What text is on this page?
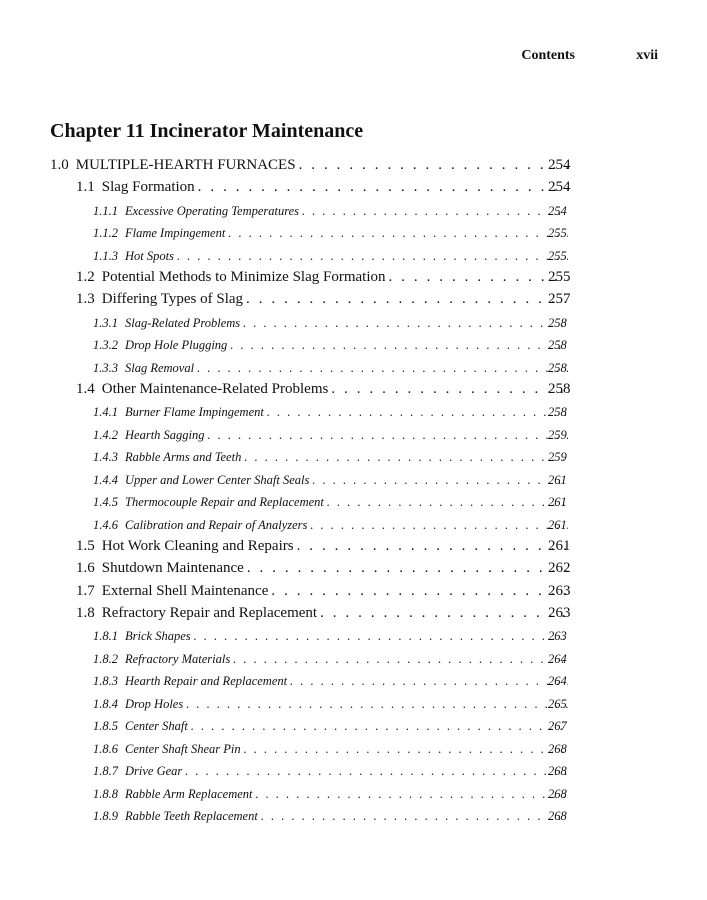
Contents	xvii
Chapter 11 Incinerator Maintenance
1.0 MULTIPLE-HEARTH FURNACES . . .	254
1.1 Slag Formation . . .	254
1.1.1 Excessive Operating Temperatures . . .	254
1.1.2 Flame Impingement . . .	255
1.1.3 Hot Spots . . .	255
1.2 Potential Methods to Minimize Slag Formation . . .	255
1.3 Differing Types of Slag . . .	257
1.3.1 Slag-Related Problems . . .	258
1.3.2 Drop Hole Plugging . . .	258
1.3.3 Slag Removal . . .	258
1.4 Other Maintenance-Related Problems . . .	258
1.4.1 Burner Flame Impingement . . .	258
1.4.2 Hearth Sagging . . .	259
1.4.3 Rabble Arms and Teeth . . .	259
1.4.4 Upper and Lower Center Shaft Seals . . .	261
1.4.5 Thermocouple Repair and Replacement . . .	261
1.4.6 Calibration and Repair of Analyzers . . .	261
1.5 Hot Work Cleaning and Repairs . . .	261
1.6 Shutdown Maintenance . . .	262
1.7 External Shell Maintenance . . .	263
1.8 Refractory Repair and Replacement . . .	263
1.8.1 Brick Shapes . . .	263
1.8.2 Refractory Materials . . .	264
1.8.3 Hearth Repair and Replacement . . .	264
1.8.4 Drop Holes . . .	265
1.8.5 Center Shaft . . .	267
1.8.6 Center Shaft Shear Pin . . .	268
1.8.7 Drive Gear . . .	268
1.8.8 Rabble Arm Replacement . . .	268
1.8.9 Rabble Teeth Replacement . . .	268
